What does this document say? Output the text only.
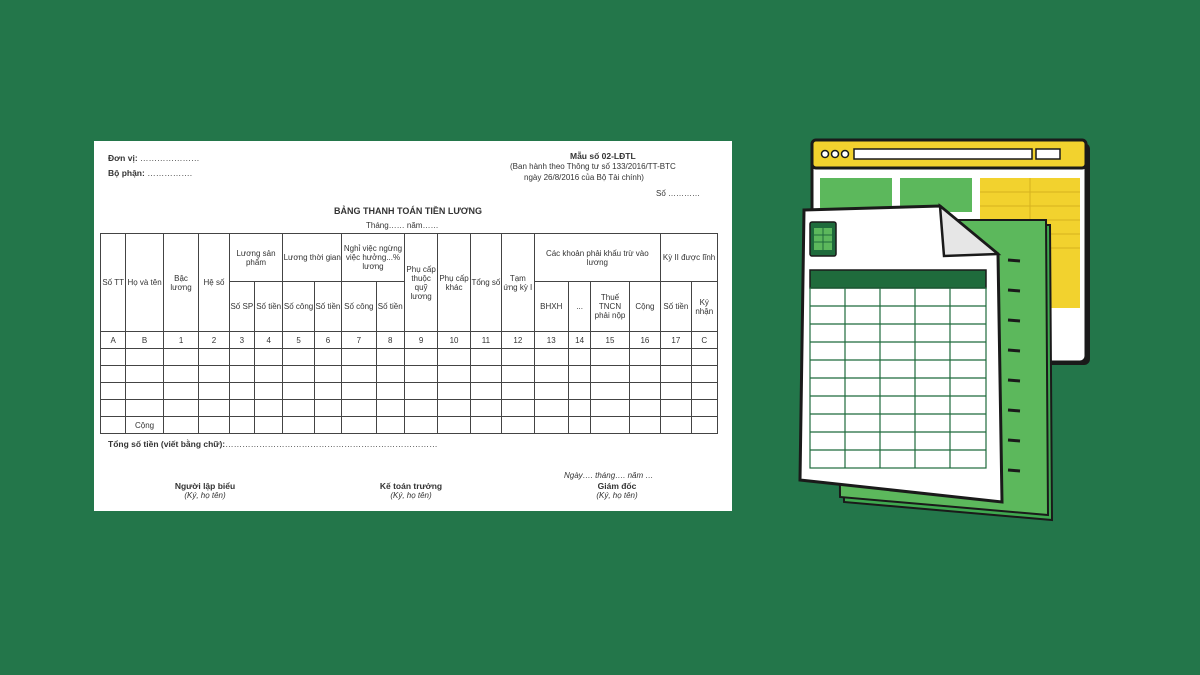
Đơn vị: …………………
Bộ phận: …………….
Mẫu số 02-LĐTL
(Ban hành theo Thông tư số 133/2016/TT-BTC
ngày 26/8/2016 của Bộ Tài chính)
Số …………
BẢNG THANH TOÁN TIỀN LƯƠNG
Tháng…… năm……
Số TT	Họ và tên	Bậc lương	Hệ số	Lương sản phẩm		Lương thời gian		Nghỉ việc ngừng việc hưởng...% lương		Phụ cấp thuộc quỹ lương	Phụ cấp khác	Tổng số	Tạm ứng kỳ I	Các khoản phải khấu trừ vào lương				Kỳ II được lĩnh	
				Số SP	Số tiền	Số công	Số tiền	Số công	Số tiền					BHXH	...	Thuế TNCN phải nộp	Cộng	Số tiền	Ký nhận
A	B	1	2	3	4	5	6	7	8	9	10	11	12	13	14	15	16	17	C

	Cộng																		
Tổng số tiền (viết bằng chữ):…………………………………………………………………
Ngày…. tháng…. năm …
Người lập biểu
(Ký, họ tên)
Kế toán trưởng
(Ký, họ tên)
Giám đốc
(Ký, họ tên)
